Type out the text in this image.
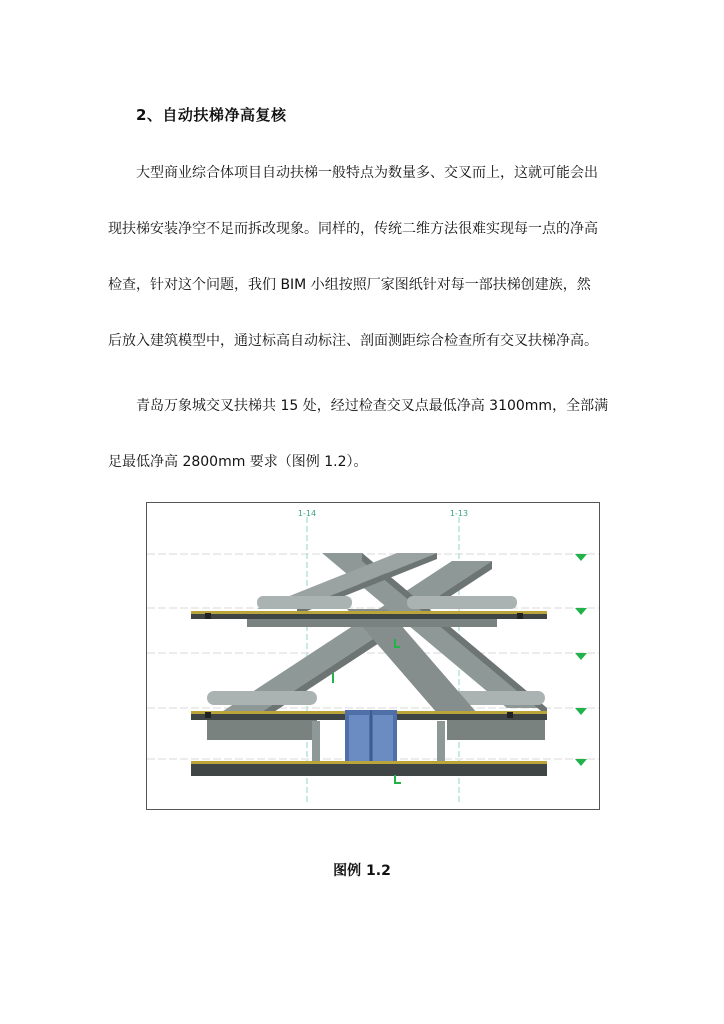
2、自动扶梯净高复核
大型商业综合体项目自动扶梯一般特点为数量多、交叉而上，这就可能会出
现扶梯安装净空不足而拆改现象。同样的，传统二维方法很难实现每一点的净高
检查，针对这个问题，我们 BIM 小组按照厂家图纸针对每一部扶梯创建族，然
后放入建筑模型中，通过标高自动标注、剖面测距综合检查所有交叉扶梯净高。
青岛万象城交叉扶梯共 15 处，经过检查交叉点最低净高 3100mm，全部满
足最低净高 2800mm 要求（图例 1.2）。
1-14	1-13
图例 1.2
